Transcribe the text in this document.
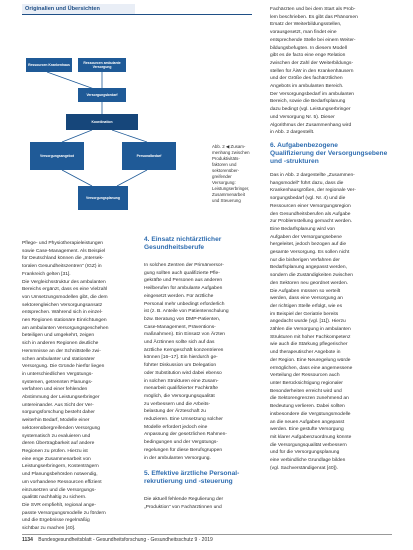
Originalien und Übersichten
Ressourcen Krankenhaus	Ressourcen ambulante Versorgung
Versorgungsbedarf
Koordination
Versorgungsangebot	Personalbedarf
Versorgungsplanung
Abb. 2 ◀ Zusam-
menhang zwischen
Produktivitäts-
faktoren und
sektorenüber-
greifender
Versorgung:
Leistungserbringer,
Zusammenarbeit
und Steuerung
Pflege- und Physiotherapieleistungen
sowie Case-Management. Als Beispiel
für Deutschland können die „Intersek-
toralen Gesundheitszentren“ (IGZ) in
Frankreich gelten [31].
Die Vergleichsstruktur des ambulanten
Bereichs ergänzt, dass es eine Vielzahl
von Umsetzungsmodellen gibt, die dem
sektorengleichen Versorgungsansatz
entsprechen. Während sich in einzel-
nen Regionen stationäre Einrichtungen
am ambulanten Versorgungsgeschehen
beteiligen und umgekehrt, zeigen
sich in anderen Regionen deutliche
Hemmnisse an der Schnittstelle zwi-
schen ambulanter und stationärer
Versorgung. Die Gründe hierfür liegen
in unterschiedlichen Vergütungs-
systemen, getrennten Planungs-
verfahren und einer fehlenden
Abstimmung der Leistungserbringer
untereinander. Aus Sicht der Ver-
sorgungsforschung besteht daher
weiterhin Bedarf, Modelle einer
sektorenübergreifenden Versorgung
systematisch zu evaluieren und
deren Übertragbarkeit auf andere
Regionen zu prüfen. Hierzu ist
eine enge Zusammenarbeit von
Leistungserbringern, Kostenträgern
und Planungsbehörden notwendig,
um vorhandene Ressourcen effizient
einzusetzen und die Versorgungs-
qualität nachhaltig zu sichern.
Die SVR empfiehlt, regional ange-
passte Versorgungsmodelle zu fördern
und die Ergebnisse regelmäßig
sichtbar zu machen [40].
4. Einsatz nichtärztlicher
Gesundheitsberufe
In solchen Zentren der Primärversor-
gung sollten auch qualifizierte Pfle-
gekräfte und Personen aus anderen
Heilberufen für ambulante Aufgaben
eingesetzt werden. Für ärztliche
Personal mehr unbedingt erforderlich
ist (z. B. Anteile von Patientenschulung
bzw. Beratung von DMP-Patienten,
Case-Management, Präventions-
maßnahmen). Ein Einsatz von Ärzten
und Ärztinnen sollte sich auf das
ärztliche Kerngeschäft konzentrieren
können [16–17]. Ein hierdurch ge-
führter Diskussion um Delegation
oder Substitution wird dabei ebenso
in solchen Strukturen eine Zusam-
menarbeit qualifizierter Fachkräfte
möglich, die Versorgungsqualität
zu verbessern und die Arbeits-
belastung der Ärzteschaft zu
reduzieren. Eine Umsetzung solcher
Modelle erfordert jedoch eine
Anpassung der gesetzlichen Rahmen-
bedingungen und der Vergütungs-
regelungen für diese Berufsgruppen
in der ambulanten Versorgung.
5. Effektive ärztliche Personal-
rekrutierung und -steuerung
Die aktuell fehlende Regulierung der
„Produktion“ von Fachärztinnen und
Fachärzten und bei dem Start als Prob-
lem beschrieben. Es gibt das Phänomen
Ersatz der Weiterbildungsstellen,
vorausgesetzt, man findet eine
entsprechende Stelle bei einem Weiter-
bildungsbefugten. In diesem Modell
gibt es de facto eine enge Relation
zwischen der Zahl der Weiterbildungs-
stellen für ÄiW in den Krankenhäusern
und der Größe des fachärztlichen
Angebots im ambulanten Bereich.
Der Versorgungsbedarf im ambulanten
Bereich, sowie die Bedarfsplanung
dazu bedingt (vgl. Leistungserbringer
und Versorgung Nr. 5). Dieser
Algorithmus der Zusammenhang wird
in Abb. 2 dargestellt.
6. Aufgabenbezogene
Qualifizierung der Versorgungsebene
und -strukturen
Das in Abb. 2 dargestellte „Zusammen-
hangsmodell“ führt dazu, dass die
Krankenhausgrößen, der regionale Ver-
sorgungsbedarf (vgl. Nr. 4) und die
Ressourcen einer Versorgungsregion
den Gesundheitsberufen als Aufgabe
zur Problemstellung gemacht werden.
Eine Bedarfsplanung wird von
Aufgaben der Versorgungsebene
hergeleitet, jedoch bezogen auf die
gesamte Versorgung. Es sollen nicht
nur die bisherigen Verfahren der
Bedarfsplanung angepasst werden,
sondern die Zuständigkeiten zwischen
den Sektoren neu geordnet werden.
Die Aufgaben müssen so verteilt
werden, dass eine Versorgung an
der richtigen Stelle erfolgt, wie es
im Beispiel der Geriatrie bereits
angedacht wurde (vgl. [11]). Hierzu
zählen die Versorgung in ambulanten
Strukturen mit hoher Fachkompetenz
wie auch die Stärkung pflegerischer
und therapeutischer Angebote in
der Region. Eine Neuregelung würde
ermöglichen, dass eine angemessene
Verteilung der Ressourcen auch
unter Berücksichtigung regionaler
Besonderheiten erreicht wird und
die Sektorengrenzen zunehmend an
Bedeutung verlieren. Dabei sollten
insbesondere die Vergütungsmodelle
an die neuen Aufgaben angepasst
werden. Eine gestufte Versorgung
mit klarer Aufgabenzuordnung könnte
die Versorgungsqualität verbessern
und für die Versorgungsplanung
eine verbindliche Grundlage bilden
(vgl. Sachverständigenrat [40]).
1134 Bundesgesundheitsblatt - Gesundheitsforschung - Gesundheitsschutz 9 · 2019
